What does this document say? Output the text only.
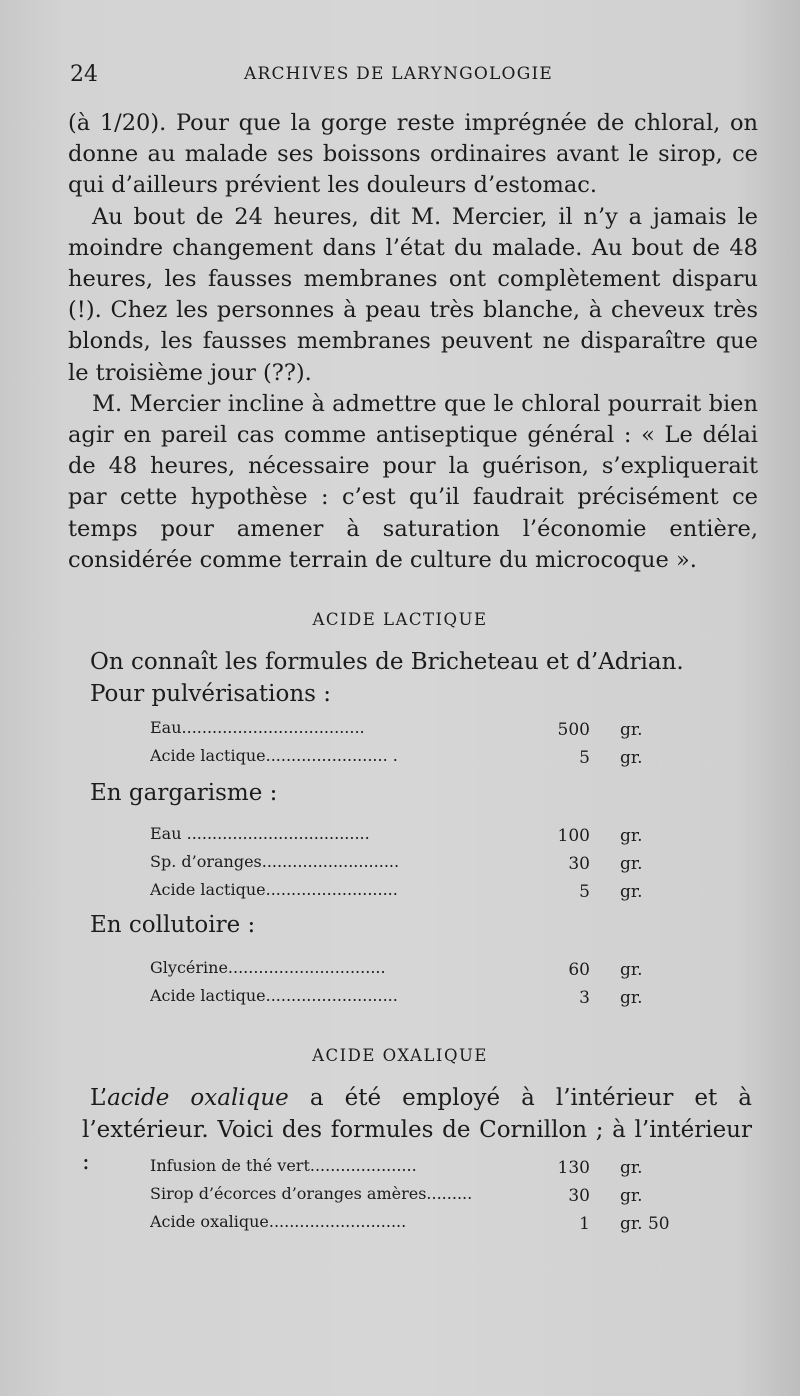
24	ARCHIVES DE LARYNGOLOGIE

(à 1/20). Pour que la gorge reste imprégnée de chloral, on donne au malade ses boissons ordinaires avant le sirop, ce qui d’ailleurs prévient les douleurs d’estomac.

Au bout de 24 heures, dit M. Mercier, il n’y a jamais le moindre changement dans l’état du malade. Au bout de 48 heures, les fausses membranes ont complètement disparu (!). Chez les personnes à peau très blanche, à cheveux très blonds, les fausses membranes peuvent ne disparaître que le troisième jour (??).

M. Mercier incline à admettre que le chloral pourrait bien agir en pareil cas comme antiseptique général : « Le délai de 48 heures, nécessaire pour la guérison, s’expliquerait par cette hypothèse : c’est qu’il faudrait précisément ce temps pour amener à saturation l’économie entière, considérée comme terrain de culture du microcoque ».

ACIDE LACTIQUE

On connaît les formules de Bricheteau et d’Adrian.

Pour pulvérisations :

Eau....................................	500 gr.
Acide lactique........................ .	5 gr.
En gargarisme :
Eau ....................................	100 gr.
Sp. d’oranges...........................	30 gr.
Acide lactique..........................	5 gr.
En collutoire :
Glycérine...............................	60 gr.
Acide lactique..........................	3 gr.
ACIDE OXALIQUE

L’acide oxalique a été employé à l’intérieur et à l’extérieur. Voici des formules de Cornillon ; à l’intérieur :	Infusion de thé vert.....................	130 gr.
Sirop d’écorces d’oranges amères.........	30 gr.
Acide oxalique...........................	1 gr. 50
